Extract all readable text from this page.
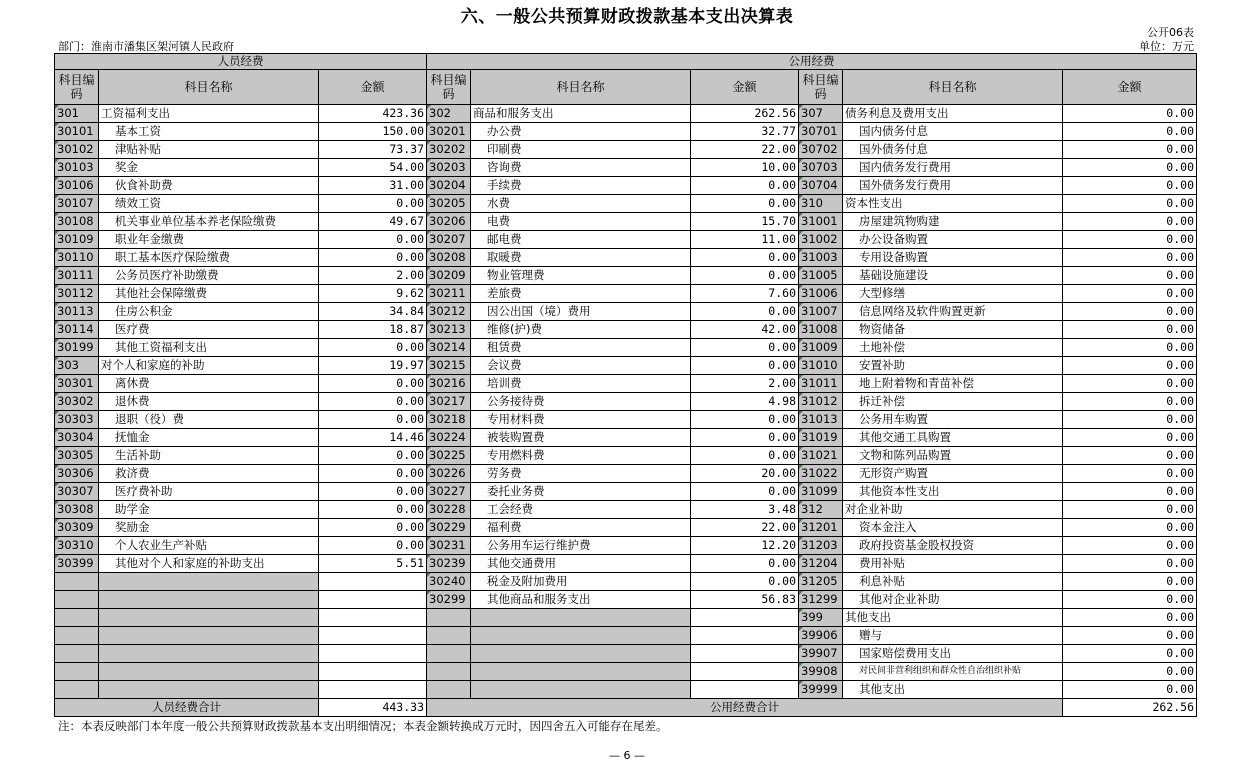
六、一般公共预算财政拨款基本支出决算表
公开06表
部门：淮南市潘集区架河镇人民政府	单位：万元
人员经费			公用经费					
科目编码	科目名称	金额	科目编码	科目名称	金额	科目编码	科目名称	金额
301	工资福利支出	423.36	302	商品和服务支出	262.56	307	债务利息及费用支出	0.00
30101	基本工资	150.00	30201	办公费	32.77	30701	国内债务付息	0.00
30102	津贴补贴	73.37	30202	印刷费	22.00	30702	国外债务付息	0.00
30103	奖金	54.00	30203	咨询费	10.00	30703	国内债务发行费用	0.00
30106	伙食补助费	31.00	30204	手续费	0.00	30704	国外债务发行费用	0.00
30107	绩效工资	0.00	30205	水费	0.00	310	资本性支出	0.00
30108	机关事业单位基本养老保险缴费	49.67	30206	电费	15.70	31001	房屋建筑物购建	0.00
30109	职业年金缴费	0.00	30207	邮电费	11.00	31002	办公设备购置	0.00
30110	职工基本医疗保险缴费	0.00	30208	取暖费	0.00	31003	专用设备购置	0.00
30111	公务员医疗补助缴费	2.00	30209	物业管理费	0.00	31005	基础设施建设	0.00
30112	其他社会保障缴费	9.62	30211	差旅费	7.60	31006	大型修缮	0.00
30113	住房公积金	34.84	30212	因公出国（境）费用	0.00	31007	信息网络及软件购置更新	0.00
30114	医疗费	18.87	30213	维修(护)费	42.00	31008	物资储备	0.00
30199	其他工资福利支出	0.00	30214	租赁费	0.00	31009	土地补偿	0.00
303	对个人和家庭的补助	19.97	30215	会议费	0.00	31010	安置补助	0.00
30301	离休费	0.00	30216	培训费	2.00	31011	地上附着物和青苗补偿	0.00
30302	退休费	0.00	30217	公务接待费	4.98	31012	拆迁补偿	0.00
30303	退职（役）费	0.00	30218	专用材料费	0.00	31013	公务用车购置	0.00
30304	抚恤金	14.46	30224	被装购置费	0.00	31019	其他交通工具购置	0.00
30305	生活补助	0.00	30225	专用燃料费	0.00	31021	文物和陈列品购置	0.00
30306	救济费	0.00	30226	劳务费	20.00	31022	无形资产购置	0.00
30307	医疗费补助	0.00	30227	委托业务费	0.00	31099	其他资本性支出	0.00
30308	助学金	0.00	30228	工会经费	3.48	312	对企业补助	0.00
30309	奖励金	0.00	30229	福利费	22.00	31201	资本金注入	0.00
30310	个人农业生产补贴	0.00	30231	公务用车运行维护费	12.20	31203	政府投资基金股权投资	0.00
30399	其他对个人和家庭的补助支出	5.51	30239	其他交通费用	0.00	31204	费用补贴	0.00
			30240	税金及附加费用	0.00	31205	利息补贴	0.00
			30299	其他商品和服务支出	56.83	31299	其他对企业补助	0.00
						399	其他支出	0.00
						39906	赠与	0.00
						39907	国家赔偿费用支出	0.00
						39908	对民间非营利组织和群众性自治组织补贴	0.00
						39999	其他支出	0.00
人员经费合计		443.33	公用经费合计					262.56
注：本表反映部门本年度一般公共预算财政拨款基本支出明细情况；本表金额转换成万元时，因四舍五入可能存在尾差。
— 6 —
